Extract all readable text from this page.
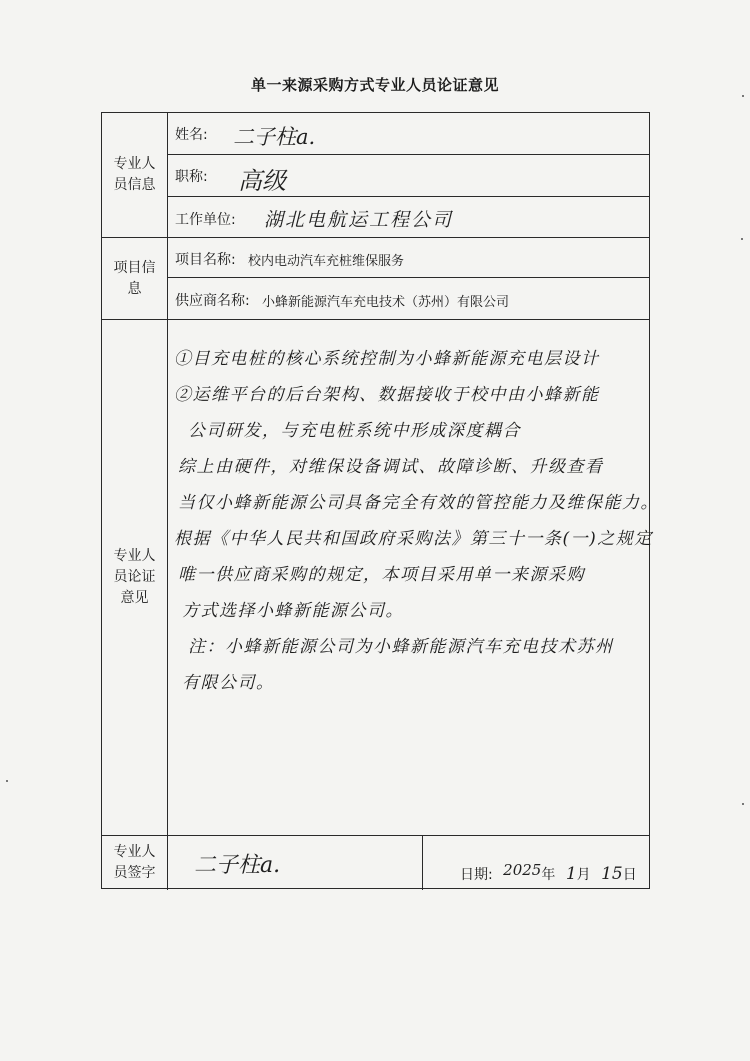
单一来源采购方式专业人员论证意见
专业人员信息
姓名: 二子柱a.
职称: 高级
工作单位: 湖北电航运工程公司
项目信息
项目名称: 校内电动汽车充桩维保服务
供应商名称: 小蜂新能源汽车充电技术（苏州）有限公司
专业人员论证意见
专业人员签字	二子柱a.	日期: 2025年 1月 15日
①目充电桩的核心系统控制为小蜂新能源充电层设计
②运维平台的后台架构、数据接收于校中由小蜂新能
公司研发，与充电桩系统中形成深度耦合
综上由硬件，对维保设备调试、故障诊断、升级查看
当仅小蜂新能源公司具备完全有效的管控能力及维保能力。
根据《中华人民共和国政府采购法》第三十一条(一)之规定
唯一供应商采购的规定，本项目采用单一来源采购
方式选择小蜂新能源公司。
注：小蜂新能源公司为小蜂新能源汽车充电技术苏州
有限公司。
